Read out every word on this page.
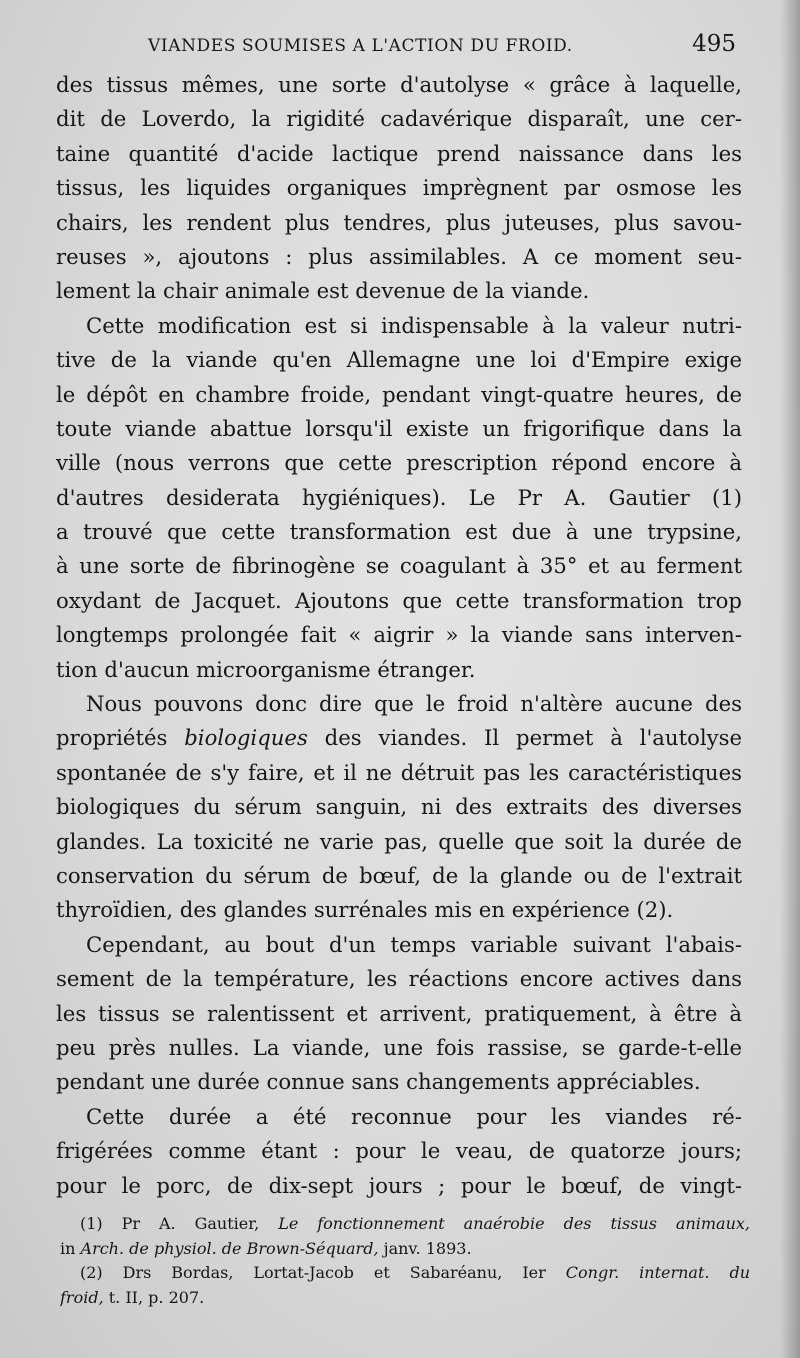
VIANDES SOUMISES A L'ACTION DU FROID.	495
des tissus mêmes, une sorte d'autolyse « grâce à laquelle,
dit de Loverdo, la rigidité cadavérique disparaît, une cer-
taine quantité d'acide lactique prend naissance dans les
tissus, les liquides organiques imprègnent par osmose les
chairs, les rendent plus tendres, plus juteuses, plus savou-
reuses », ajoutons : plus assimilables. A ce moment seu-
lement la chair animale est devenue de la viande.
Cette modification est si indispensable à la valeur nutri-
tive de la viande qu'en Allemagne une loi d'Empire exige
le dépôt en chambre froide, pendant vingt-quatre heures, de
toute viande abattue lorsqu'il existe un frigorifique dans la
ville (nous verrons que cette prescription répond encore à
d'autres desiderata hygiéniques). Le Pr A. Gautier (1)
a trouvé que cette transformation est due à une trypsine,
à une sorte de fibrinogène se coagulant à 35° et au ferment
oxydant de Jacquet. Ajoutons que cette transformation trop
longtemps prolongée fait « aigrir » la viande sans interven-
tion d'aucun microorganisme étranger.
Nous pouvons donc dire que le froid n'altère aucune des
propriétés biologiques des viandes. Il permet à l'autolyse
spontanée de s'y faire, et il ne détruit pas les caractéristiques
biologiques du sérum sanguin, ni des extraits des diverses
glandes. La toxicité ne varie pas, quelle que soit la durée de
conservation du sérum de bœuf, de la glande ou de l'extrait
thyroïdien, des glandes surrénales mis en expérience (2).
Cependant, au bout d'un temps variable suivant l'abais-
sement de la température, les réactions encore actives dans
les tissus se ralentissent et arrivent, pratiquement, à être à
peu près nulles. La viande, une fois rassise, se garde-t-elle
pendant une durée connue sans changements appréciables.
Cette durée a été reconnue pour les viandes ré-
frigérées comme étant : pour le veau, de quatorze jours;
pour le porc, de dix-sept jours ; pour le bœuf, de vingt-
(1) Pr A. Gautier, Le fonctionnement anaérobie des tissus animaux,
in Arch. de physiol. de Brown-Séquard, janv. 1893.
(2) Drs Bordas, Lortat-Jacob et Sabaréanu, Ier Congr. internat. du
froid, t. II, p. 207.
